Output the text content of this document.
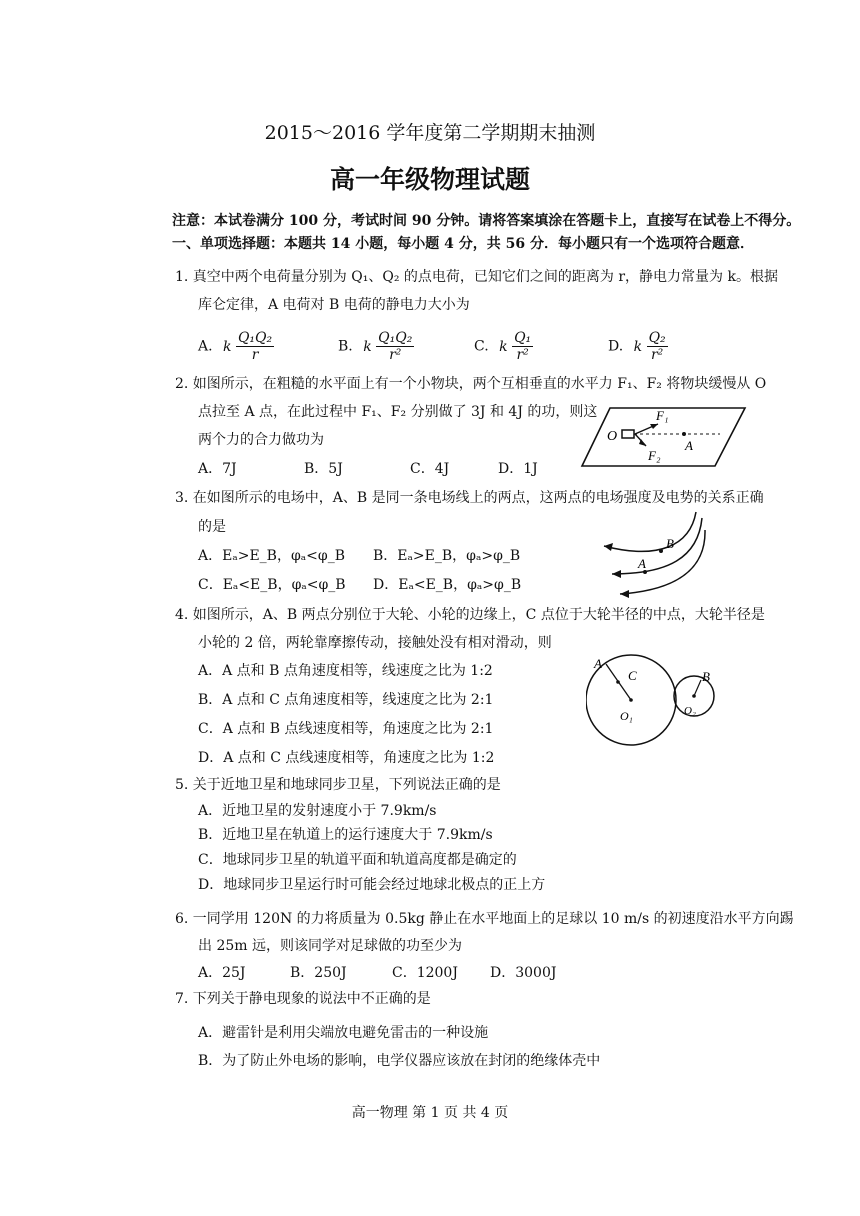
2015～2016 学年度第二学期期末抽测
高一年级物理试题
注意：本试卷满分 100 分，考试时间 90 分钟。请将答案填涂在答题卡上，直接写在试卷上不得分。
一、单项选择题：本题共 14 小题，每小题 4 分，共 56 分．每小题只有一个选项符合题意．
1. 真空中两个电荷量分别为 Q₁、Q₂ 的点电荷，已知它们之间的距离为 r，静电力常量为 k。根据
库仑定律，A 电荷对 B 电荷的静电力大小为
A. k $\frac{\text{Q₁Q₂}}{r}$	B. k $\frac{\text{Q₁Q₂}}{\text{r²}}$	C. k $\frac{\text{Q₁}}{\text{r²}}$	D. k $\frac{\text{Q₂}}{\text{r²}}$
2. 如图所示，在粗糙的水平面上有一个小物块，两个互相垂直的水平力 F₁、F₂ 将物块缓慢从 O
点拉至 A 点，在此过程中 F₁、F₂ 分别做了 3J 和 4J 的功，则这
两个力的合力做功为
A．7J	B．5J	C．4J	D．1J
O
A
F₁
F₂
3. 在如图所示的电场中，A、B 是同一条电场线上的两点，这两点的电场强度及电势的关系正确
的是
A．Eₐ>E_B，φₐ<φ_B B．Eₐ>E_B，φₐ>φ_B
C．Eₐ<E_B，φₐ<φ_B D．Eₐ<E_B，φₐ>φ_B
B
A
4. 如图所示，A、B 两点分别位于大轮、小轮的边缘上，C 点位于大轮半径的中点，大轮半径是
小轮的 2 倍，两轮靠摩擦传动，接触处没有相对滑动，则
A．A 点和 B 点角速度相等，线速度之比为 1:2
B．A 点和 C 点角速度相等，线速度之比为 2:1
C．A 点和 B 点线速度相等，角速度之比为 2:1
D．A 点和 C 点线速度相等，角速度之比为 1:2
A
C	B
O₁	O₂
5. 关于近地卫星和地球同步卫星，下列说法正确的是
A．近地卫星的发射速度小于 7.9km/s
B．近地卫星在轨道上的运行速度大于 7.9km/s
C．地球同步卫星的轨道平面和轨道高度都是确定的
D．地球同步卫星运行时可能会经过地球北极点的正上方
6. 一同学用 120N 的力将质量为 0.5kg 静止在水平地面上的足球以 10 m/s 的初速度沿水平方向踢
出 25m 远，则该同学对足球做的功至少为
A．25J	B．250J	C．1200J D．3000J
7. 下列关于静电现象的说法中不正确的是
A．避雷针是利用尖端放电避免雷击的一种设施
B．为了防止外电场的影响，电学仪器应该放在封闭的绝缘体壳中
高一物理 第 1 页 共 4 页
